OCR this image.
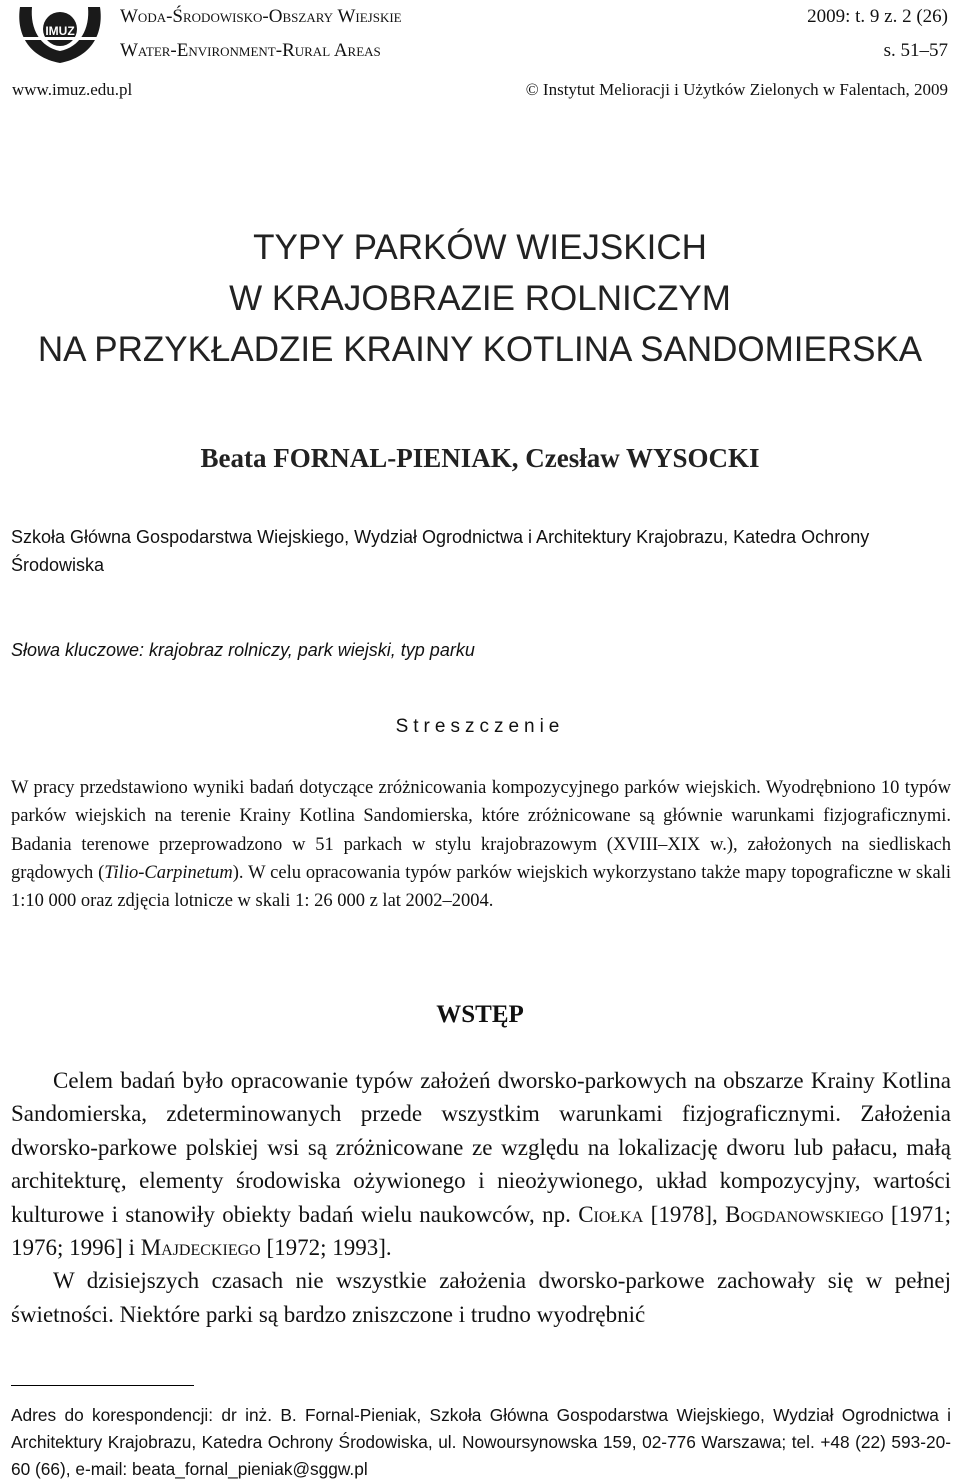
IMUZ
Woda-Środowisko-Obszary Wiejskie
Water-Environment-Rural Areas
2009: t. 9 z. 2 (26)
s. 51–57
www.imuz.edu.pl	© Instytut Melioracji i Użytków Zielonych w Falentach, 2009
TYPY PARKÓW WIEJSKICH
W KRAJOBRAZIE ROLNICZYM
NA PRZYKŁADZIE KRAINY KOTLINA SANDOMIERSKA
Beata FORNAL-PIENIAK, Czesław WYSOCKI
Szkoła Główna Gospodarstwa Wiejskiego, Wydział Ogrodnictwa i Architektury Krajobrazu, Katedra Ochrony Środowiska
Słowa kluczowe: krajobraz rolniczy, park wiejski, typ parku
Streszczenie
W pracy przedstawiono wyniki badań dotyczące zróżnicowania kompozycyjnego parków wiejskich. Wyodrębniono 10 typów parków wiejskich na terenie Krainy Kotlina Sandomierska, które zróżnicowane są głównie warunkami fizjograficznymi. Badania terenowe przeprowadzono w 51 parkach w stylu krajobrazowym (XVIII–XIX w.), założonych na siedliskach grądowych (Tilio-Carpinetum). W celu opracowania typów parków wiejskich wykorzystano także mapy topograficzne w skali 1:10 000 oraz zdjęcia lotnicze w skali 1: 26 000 z lat 2002–2004.
WSTĘP

Celem badań było opracowanie typów założeń dworsko-parkowych na obszarze Krainy Kotlina Sandomierska, zdeterminowanych przede wszystkim warunkami fizjograficznymi. Założenia dworsko-parkowe polskiej wsi są zróżnicowane ze względu na lokalizację dworu lub pałacu, małą architekturę, elementy środowiska ożywionego i nieożywionego, układ kompozycyjny, wartości kulturowe i stanowiły obiekty badań wielu naukowców, np. Ciołka [1978], Bogdanowskiego [1971; 1976; 1996] i Majdeckiego [1972; 1993].

W dzisiejszych czasach nie wszystkie założenia dworsko-parkowe zachowały się w pełnej świetności. Niektóre parki są bardzo zniszczone i trudno wyodrębnić

Adres do korespondencji: dr inż. B. Fornal-Pieniak, Szkoła Główna Gospodarstwa Wiejskiego, Wydział Ogrodnictwa i Architektury Krajobrazu, Katedra Ochrony Środowiska, ul. Nowoursynowska 159, 02-776 Warszawa; tel. +48 (22) 593-20-60 (66), e-mail: beata_fornal_pieniak@sggw.pl
